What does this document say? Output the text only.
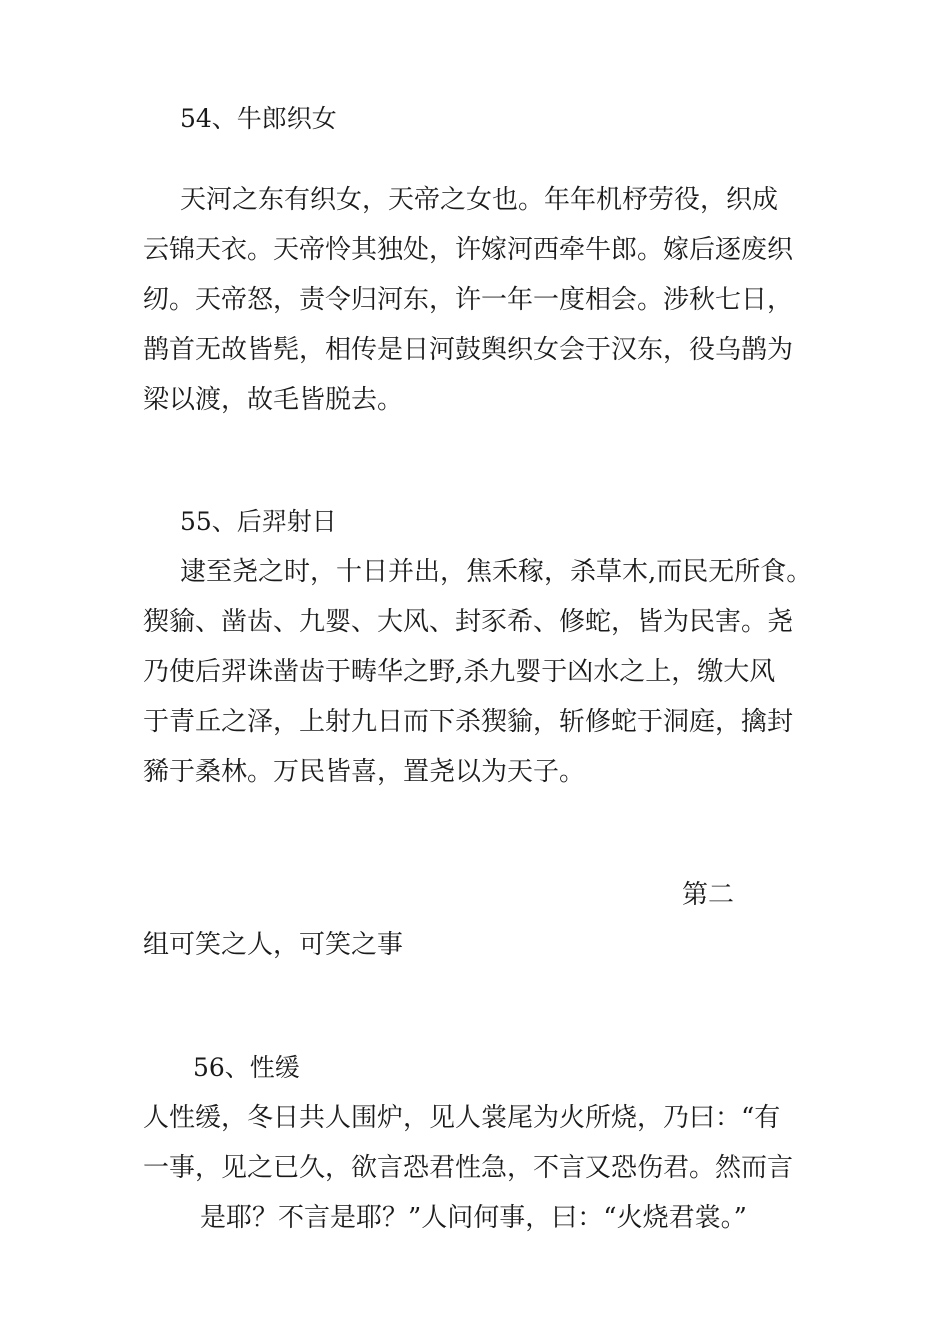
54、牛郎织女
天河之东有织女，天帝之女也。年年机杼劳役，织成
云锦天衣。天帝怜其独处，许嫁河西牵牛郎。嫁后逐废织
纫。天帝怒，责令归河东，许一年一度相会。涉秋七日，
鹊首无故皆髡，相传是日河鼓舆织女会于汉东，役乌鹊为
梁以渡，故毛皆脱去。
55、后羿射日
逮至尧之时，十日并出，焦禾稼，杀草木,而民无所食。
猰貐、凿齿、九婴、大风、封豕希、修蛇，皆为民害。尧
乃使后羿诛凿齿于畴华之野,杀九婴于凶水之上，缴大风
于青丘之泽，上射九日而下杀猰貐，斩修蛇于洞庭，擒封
豨于桑林。万民皆喜，置尧以为天子。
第二
组可笑之人，可笑之事
56、性缓
人性缓，冬日共人围炉，见人裳尾为火所烧，乃曰：“有
一事，见之已久，欲言恐君性急，不言又恐伤君。然而言
是耶？不言是耶？”人问何事，曰：“火烧君裳。”
